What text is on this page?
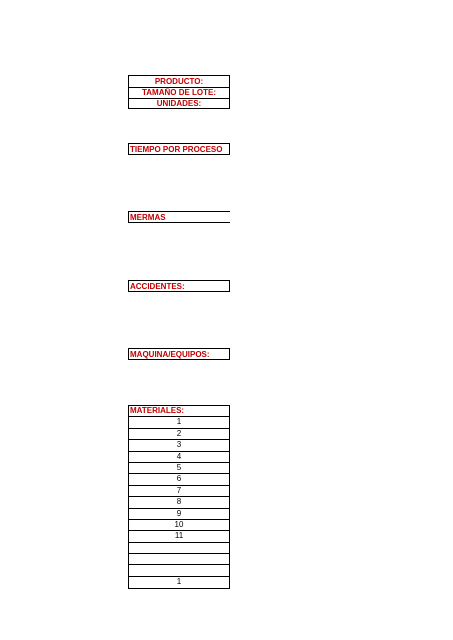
PRODUCTO:
TAMAÑO DE LOTE:
UNIDADES:
TIEMPO POR PROCESO
MERMAS
ACCIDENTES:
MAQUINA/EQUIPOS:
MATERIALES:
1
2
3
4
5
6
7
8
9
10
11
1
